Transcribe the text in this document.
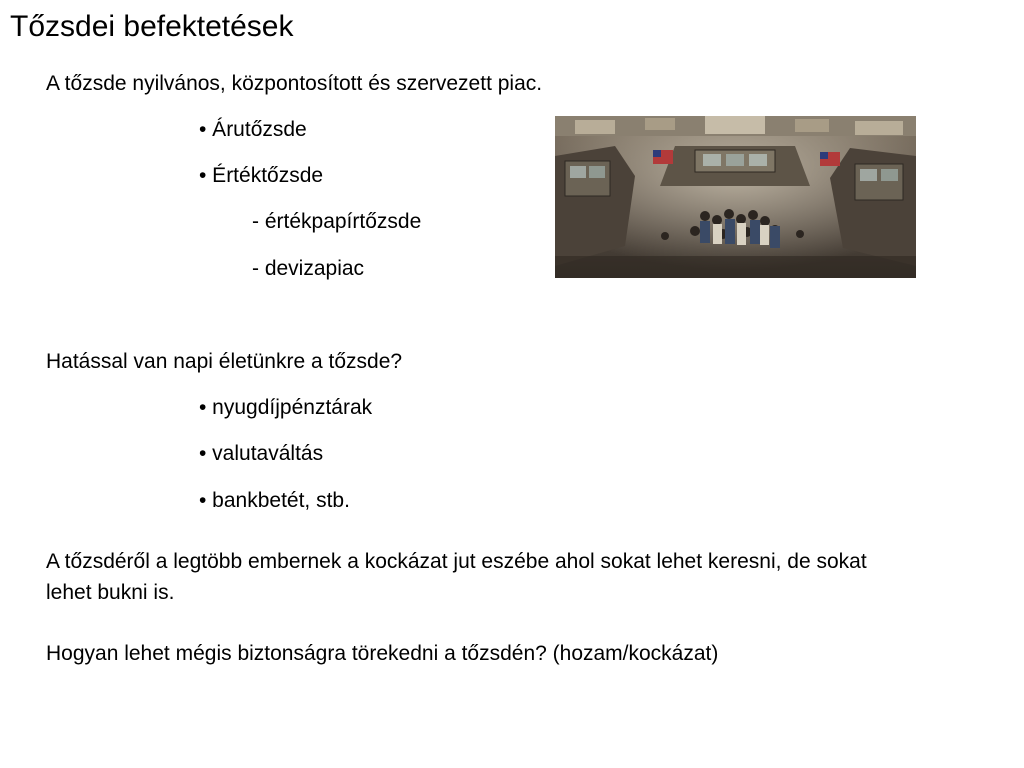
Tőzsdei befektetések
A tőzsde nyilvános, központosított és szervezett piac.
• Árutőzsde
• Értéktőzsde
- értékpapírtőzsde
- devizapiac
Hatással van napi életünkre a tőzsde?
• nyugdíjpénztárak
• valutaváltás
• bankbetét, stb.
A tőzsdéről a legtöbb embernek a kockázat jut eszébe ahol sokat lehet keresni, de sokat lehet bukni is.
Hogyan lehet mégis biztonságra törekedni a tőzsdén? (hozam/kockázat)
